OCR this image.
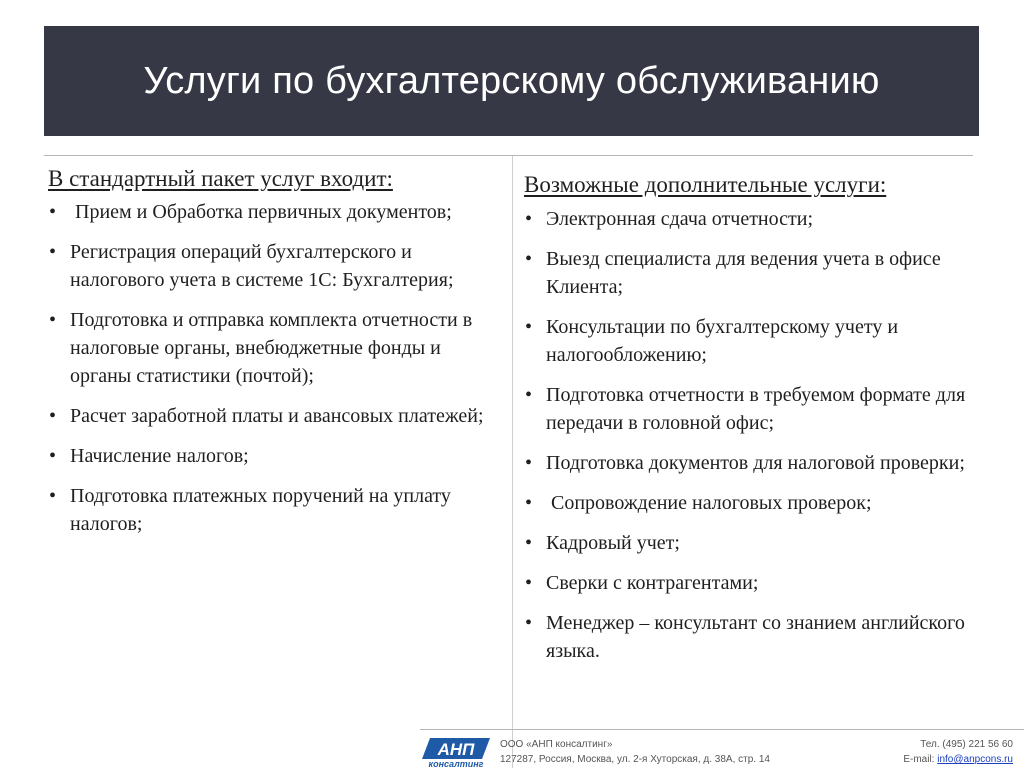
Услуги по бухгалтерскому обслуживанию
В стандартный пакет услуг входит:
• Прием и Обработка первичных документов;
• Регистрация операций бухгалтерского и налогового учета в системе 1С: Бухгалтерия;
• Подготовка и отправка комплекта отчетности в налоговые органы, внебюджетные фонды и органы статистики (почтой);
• Расчет заработной платы и авансовых платежей;
• Начисление налогов;
• Подготовка платежных поручений на уплату налогов;
Возможные дополнительные услуги:
• Электронная сдача отчетности;
• Выезд специалиста для ведения учета в офисе Клиента;
• Консультации по бухгалтерскому учету и налогообложению;
• Подготовка отчетности в требуемом формате для передачи в головной офис;
• Подготовка документов для налоговой проверки;
• Сопровождение налоговых проверок;
• Кадровый учет;
• Сверки с контрагентами;
• Менеджер – консультант со знанием английского языка.
АНП
консалтинг
ООО «АНП консалтинг»
127287, Россия, Москва, ул. 2-я Хуторская, д. 38А, стр. 14
Тел. (495) 221 56 60
E-mail: info@anpcons.ru
